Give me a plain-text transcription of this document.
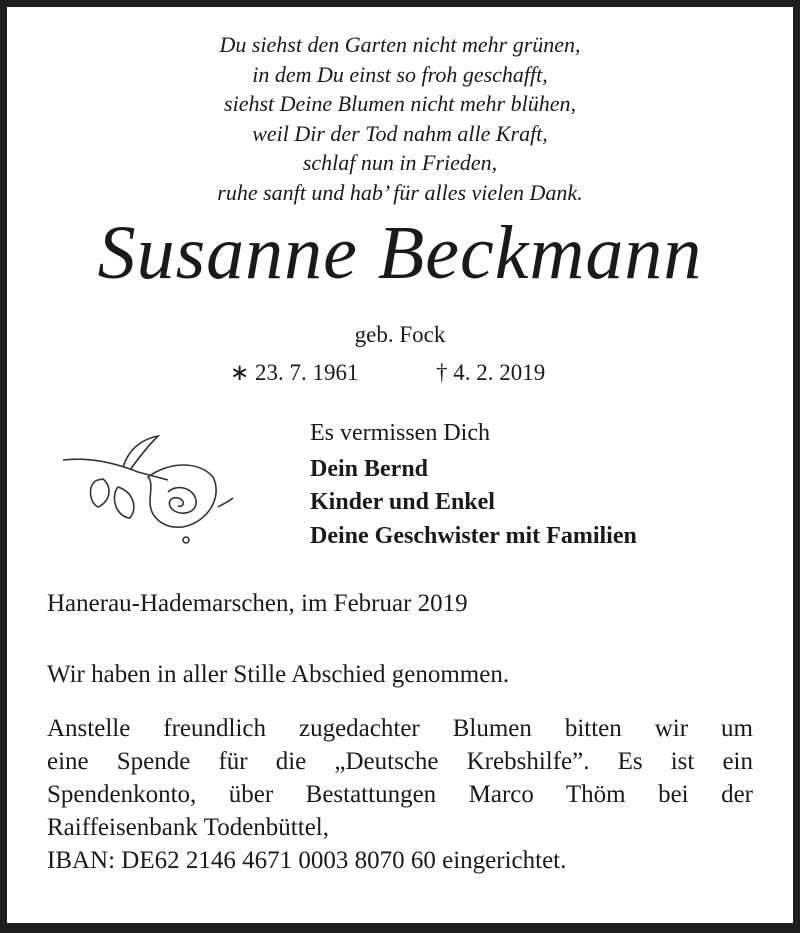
Du siehst den Garten nicht mehr grünen,
in dem Du einst so froh geschafft,
siehst Deine Blumen nicht mehr blühen,
weil Dir der Tod nahm alle Kraft,
schlaf nun in Frieden,
ruhe sanft und hab’ für alles vielen Dank.
Susanne Beckmann
geb. Fock
∗ 23. 7. 1961	† 4. 2. 2019
Es vermissen Dich
Dein Bernd
Kinder und Enkel
Deine Geschwister mit Familien
Hanerau-Hademarschen, im Februar 2019
Wir haben in aller Stille Abschied genommen.
Anstelle freundlich zugedachter Blumen bitten wir um
eine Spende für die „Deutsche Krebshilfe”. Es ist ein
Spendenkonto, über Bestattungen Marco Thöm bei der
Raiffeisenbank Todenbüttel,
IBAN: DE62 2146 4671 0003 8070 60 eingerichtet.
